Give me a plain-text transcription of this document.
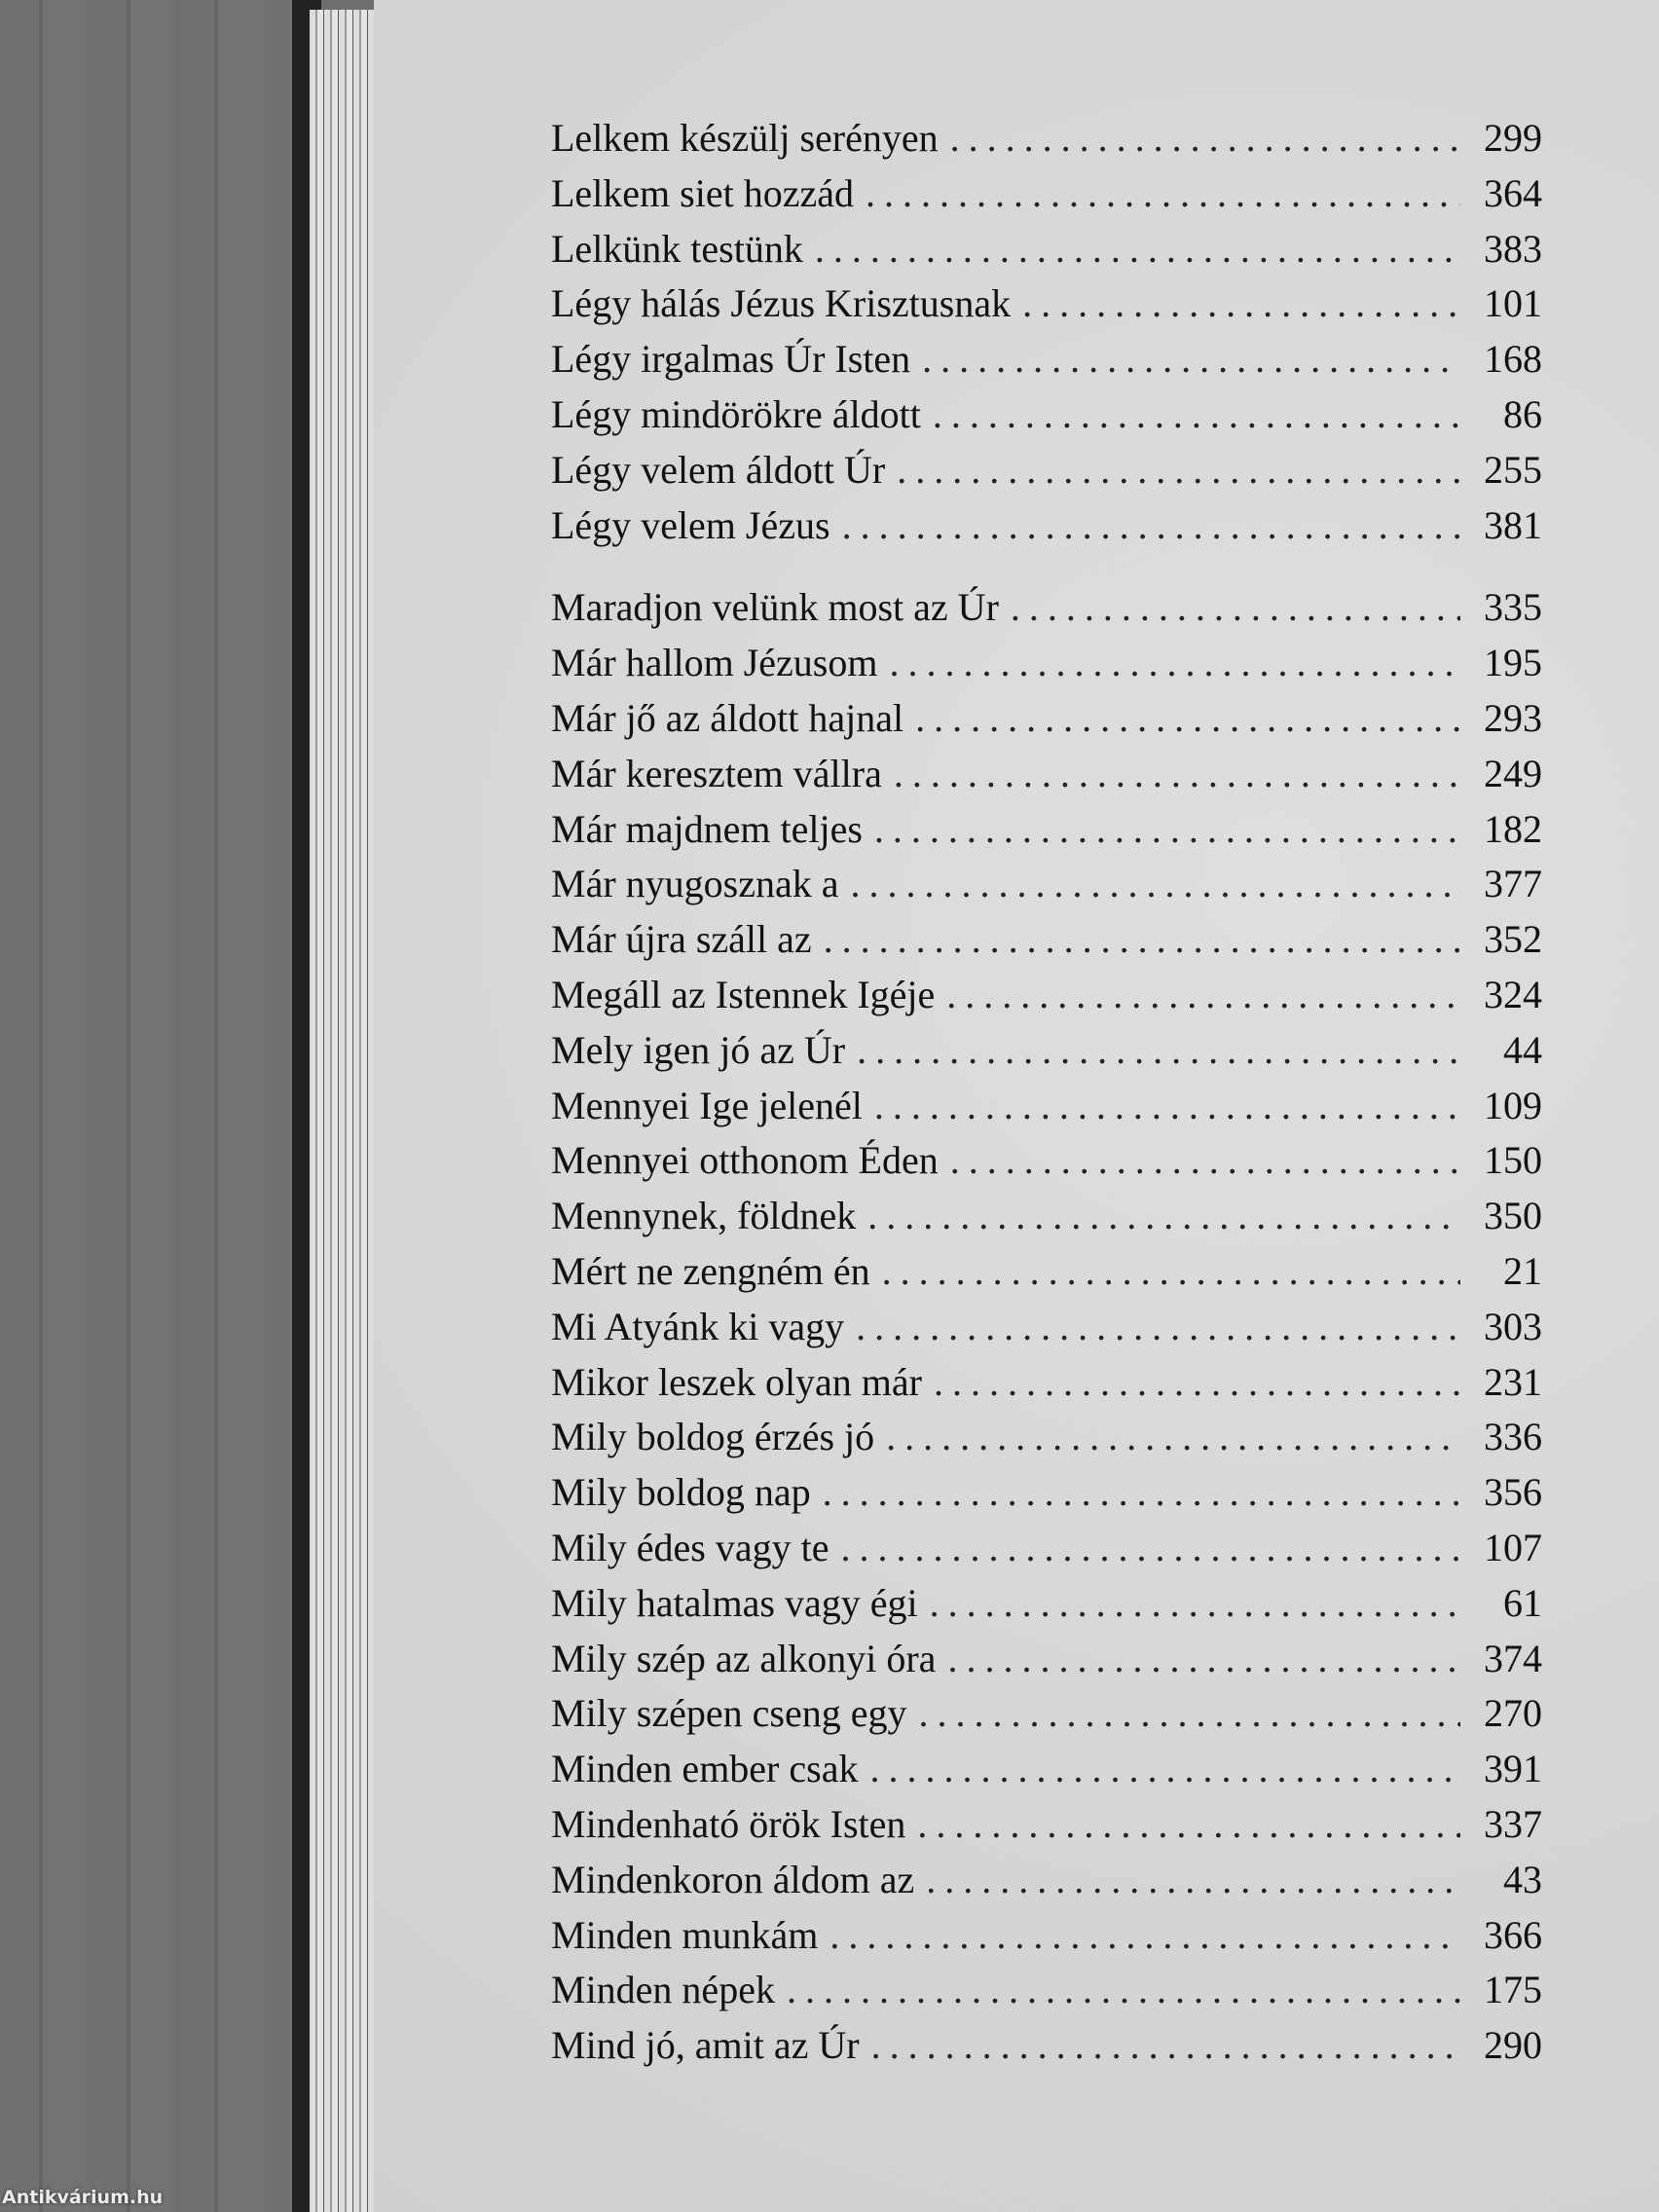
Lelkem készülj serényen . . .	299
Lelkem siet hozzád . . .	364
Lelkünk testünk . . .	383
Légy hálás Jézus Krisztusnak . . .	101
Légy irgalmas Úr Isten . . .	168
Légy mindörökre áldott . . .	86
Légy velem áldott Úr . . .	255
Légy velem Jézus . . .	381
Maradjon velünk most az Úr . . .	335
Már hallom Jézusom . . .	195
Már jő az áldott hajnal . . .	293
Már keresztem vállra . . .	249
Már majdnem teljes . . .	182
Már nyugosznak a . . .	377
Már újra száll az . . .	352
Megáll az Istennek Igéje . . .	324
Mely igen jó az Úr . . .	44
Mennyei Ige jelenél . . .	109
Mennyei otthonom Éden . . .	150
Mennynek, földnek . . .	350
Mért ne zengném én . . .	21
Mi Atyánk ki vagy . . .	303
Mikor leszek olyan már . . .	231
Mily boldog érzés jó . . .	336
Mily boldog nap . . .	356
Mily édes vagy te . . .	107
Mily hatalmas vagy égi . . .	61
Mily szép az alkonyi óra . . .	374
Mily szépen cseng egy . . .	270
Minden ember csak . . .	391
Mindenható örök Isten . . .	337
Mindenkoron áldom az . . .	43
Minden munkám . . .	366
Minden népek . . .	175
Mind jó, amit az Úr . . .	290
Antikvárium.hu
